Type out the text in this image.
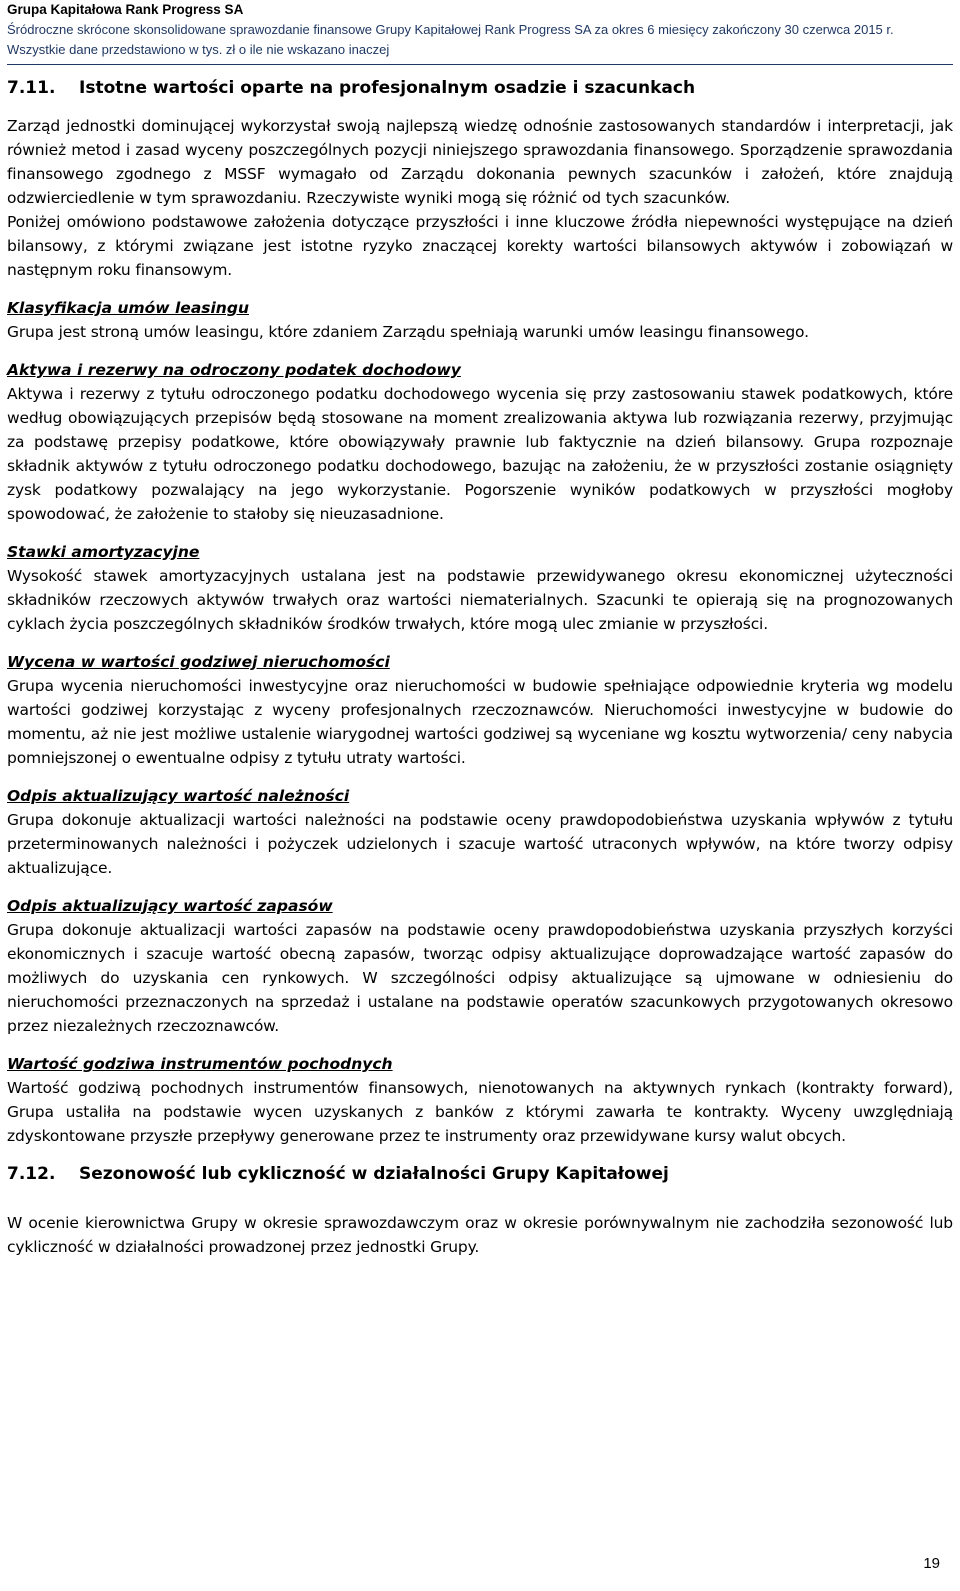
Grupa Kapitałowa Rank Progress SA
Śródroczne skrócone skonsolidowane sprawozdanie finansowe Grupy Kapitałowej Rank Progress SA za okres 6 miesięcy zakończony 30 czerwca 2015 r.
Wszystkie dane przedstawiono w tys. zł o ile nie wskazano inaczej
7.11.	Istotne wartości oparte na profesjonalnym osadzie i szacunkach

Zarząd jednostki dominującej wykorzystał swoją najlepszą wiedzę odnośnie zastosowanych standardów i interpretacji, jak również metod i zasad wyceny poszczególnych pozycji niniejszego sprawozdania finansowego. Sporządzenie sprawozdania finansowego zgodnego z MSSF wymagało od Zarządu dokonania pewnych szacunków i założeń, które znajdują odzwierciedlenie w tym sprawozdaniu. Rzeczywiste wyniki mogą się różnić od tych szacunków.

Poniżej omówiono podstawowe założenia dotyczące przyszłości i inne kluczowe źródła niepewności występujące na dzień bilansowy, z którymi związane jest istotne ryzyko znaczącej korekty wartości bilansowych aktywów i zobowiązań w następnym roku finansowym.

Klasyfikacja umów leasingu

Grupa jest stroną umów leasingu, które zdaniem Zarządu spełniają warunki umów leasingu finansowego.

Aktywa i rezerwy na odroczony podatek dochodowy

Aktywa i rezerwy z tytułu odroczonego podatku dochodowego wycenia się przy zastosowaniu stawek podatkowych, które według obowiązujących przepisów będą stosowane na moment zrealizowania aktywa lub rozwiązania rezerwy, przyjmując za podstawę przepisy podatkowe, które obowiązywały prawnie lub faktycznie na dzień bilansowy. Grupa rozpoznaje składnik aktywów z tytułu odroczonego podatku dochodowego, bazując na założeniu, że w przyszłości zostanie osiągnięty zysk podatkowy pozwalający na jego wykorzystanie. Pogorszenie wyników podatkowych w przyszłości mogłoby spowodować, że założenie to stałoby się nieuzasadnione.

Stawki amortyzacyjne

Wysokość stawek amortyzacyjnych ustalana jest na podstawie przewidywanego okresu ekonomicznej użyteczności składników rzeczowych aktywów trwałych oraz wartości niematerialnych. Szacunki te opierają się na prognozowanych cyklach życia poszczególnych składników środków trwałych, które mogą ulec zmianie w przyszłości.

Wycena w wartości godziwej nieruchomości

Grupa wycenia nieruchomości inwestycyjne oraz nieruchomości w budowie spełniające odpowiednie kryteria wg modelu wartości godziwej korzystając z wyceny profesjonalnych rzeczoznawców. Nieruchomości inwestycyjne w budowie do momentu, aż nie jest możliwe ustalenie wiarygodnej wartości godziwej są wyceniane wg kosztu wytworzenia/ ceny nabycia pomniejszonej o ewentualne odpisy z tytułu utraty wartości.

Odpis aktualizujący wartość należności

Grupa dokonuje aktualizacji wartości należności na podstawie oceny prawdopodobieństwa uzyskania wpływów z tytułu przeterminowanych należności i pożyczek udzielonych i szacuje wartość utraconych wpływów, na które tworzy odpisy aktualizujące.

Odpis aktualizujący wartość zapasów

Grupa dokonuje aktualizacji wartości zapasów na podstawie oceny prawdopodobieństwa uzyskania przyszłych korzyści ekonomicznych i szacuje wartość obecną zapasów, tworząc odpisy aktualizujące doprowadzające wartość zapasów do możliwych do uzyskania cen rynkowych. W szczególności odpisy aktualizujące są ujmowane w odniesieniu do nieruchomości przeznaczonych na sprzedaż i ustalane na podstawie operatów szacunkowych przygotowanych okresowo przez niezależnych rzeczoznawców.

Wartość godziwa instrumentów pochodnych

Wartość godziwą pochodnych instrumentów finansowych, nienotowanych na aktywnych rynkach (kontrakty forward), Grupa ustaliła na podstawie wycen uzyskanych z banków z którymi zawarła te kontrakty. Wyceny uwzględniają zdyskontowane przyszłe przepływy generowane przez te instrumenty oraz przewidywane kursy walut obcych.

7.12.	Sezonowość lub cykliczność w działalności Grupy Kapitałowej

W ocenie kierownictwa Grupy w okresie sprawozdawczym oraz w okresie porównywalnym nie zachodziła sezonowość lub cykliczność w działalności prowadzonej przez jednostki Grupy.

19
